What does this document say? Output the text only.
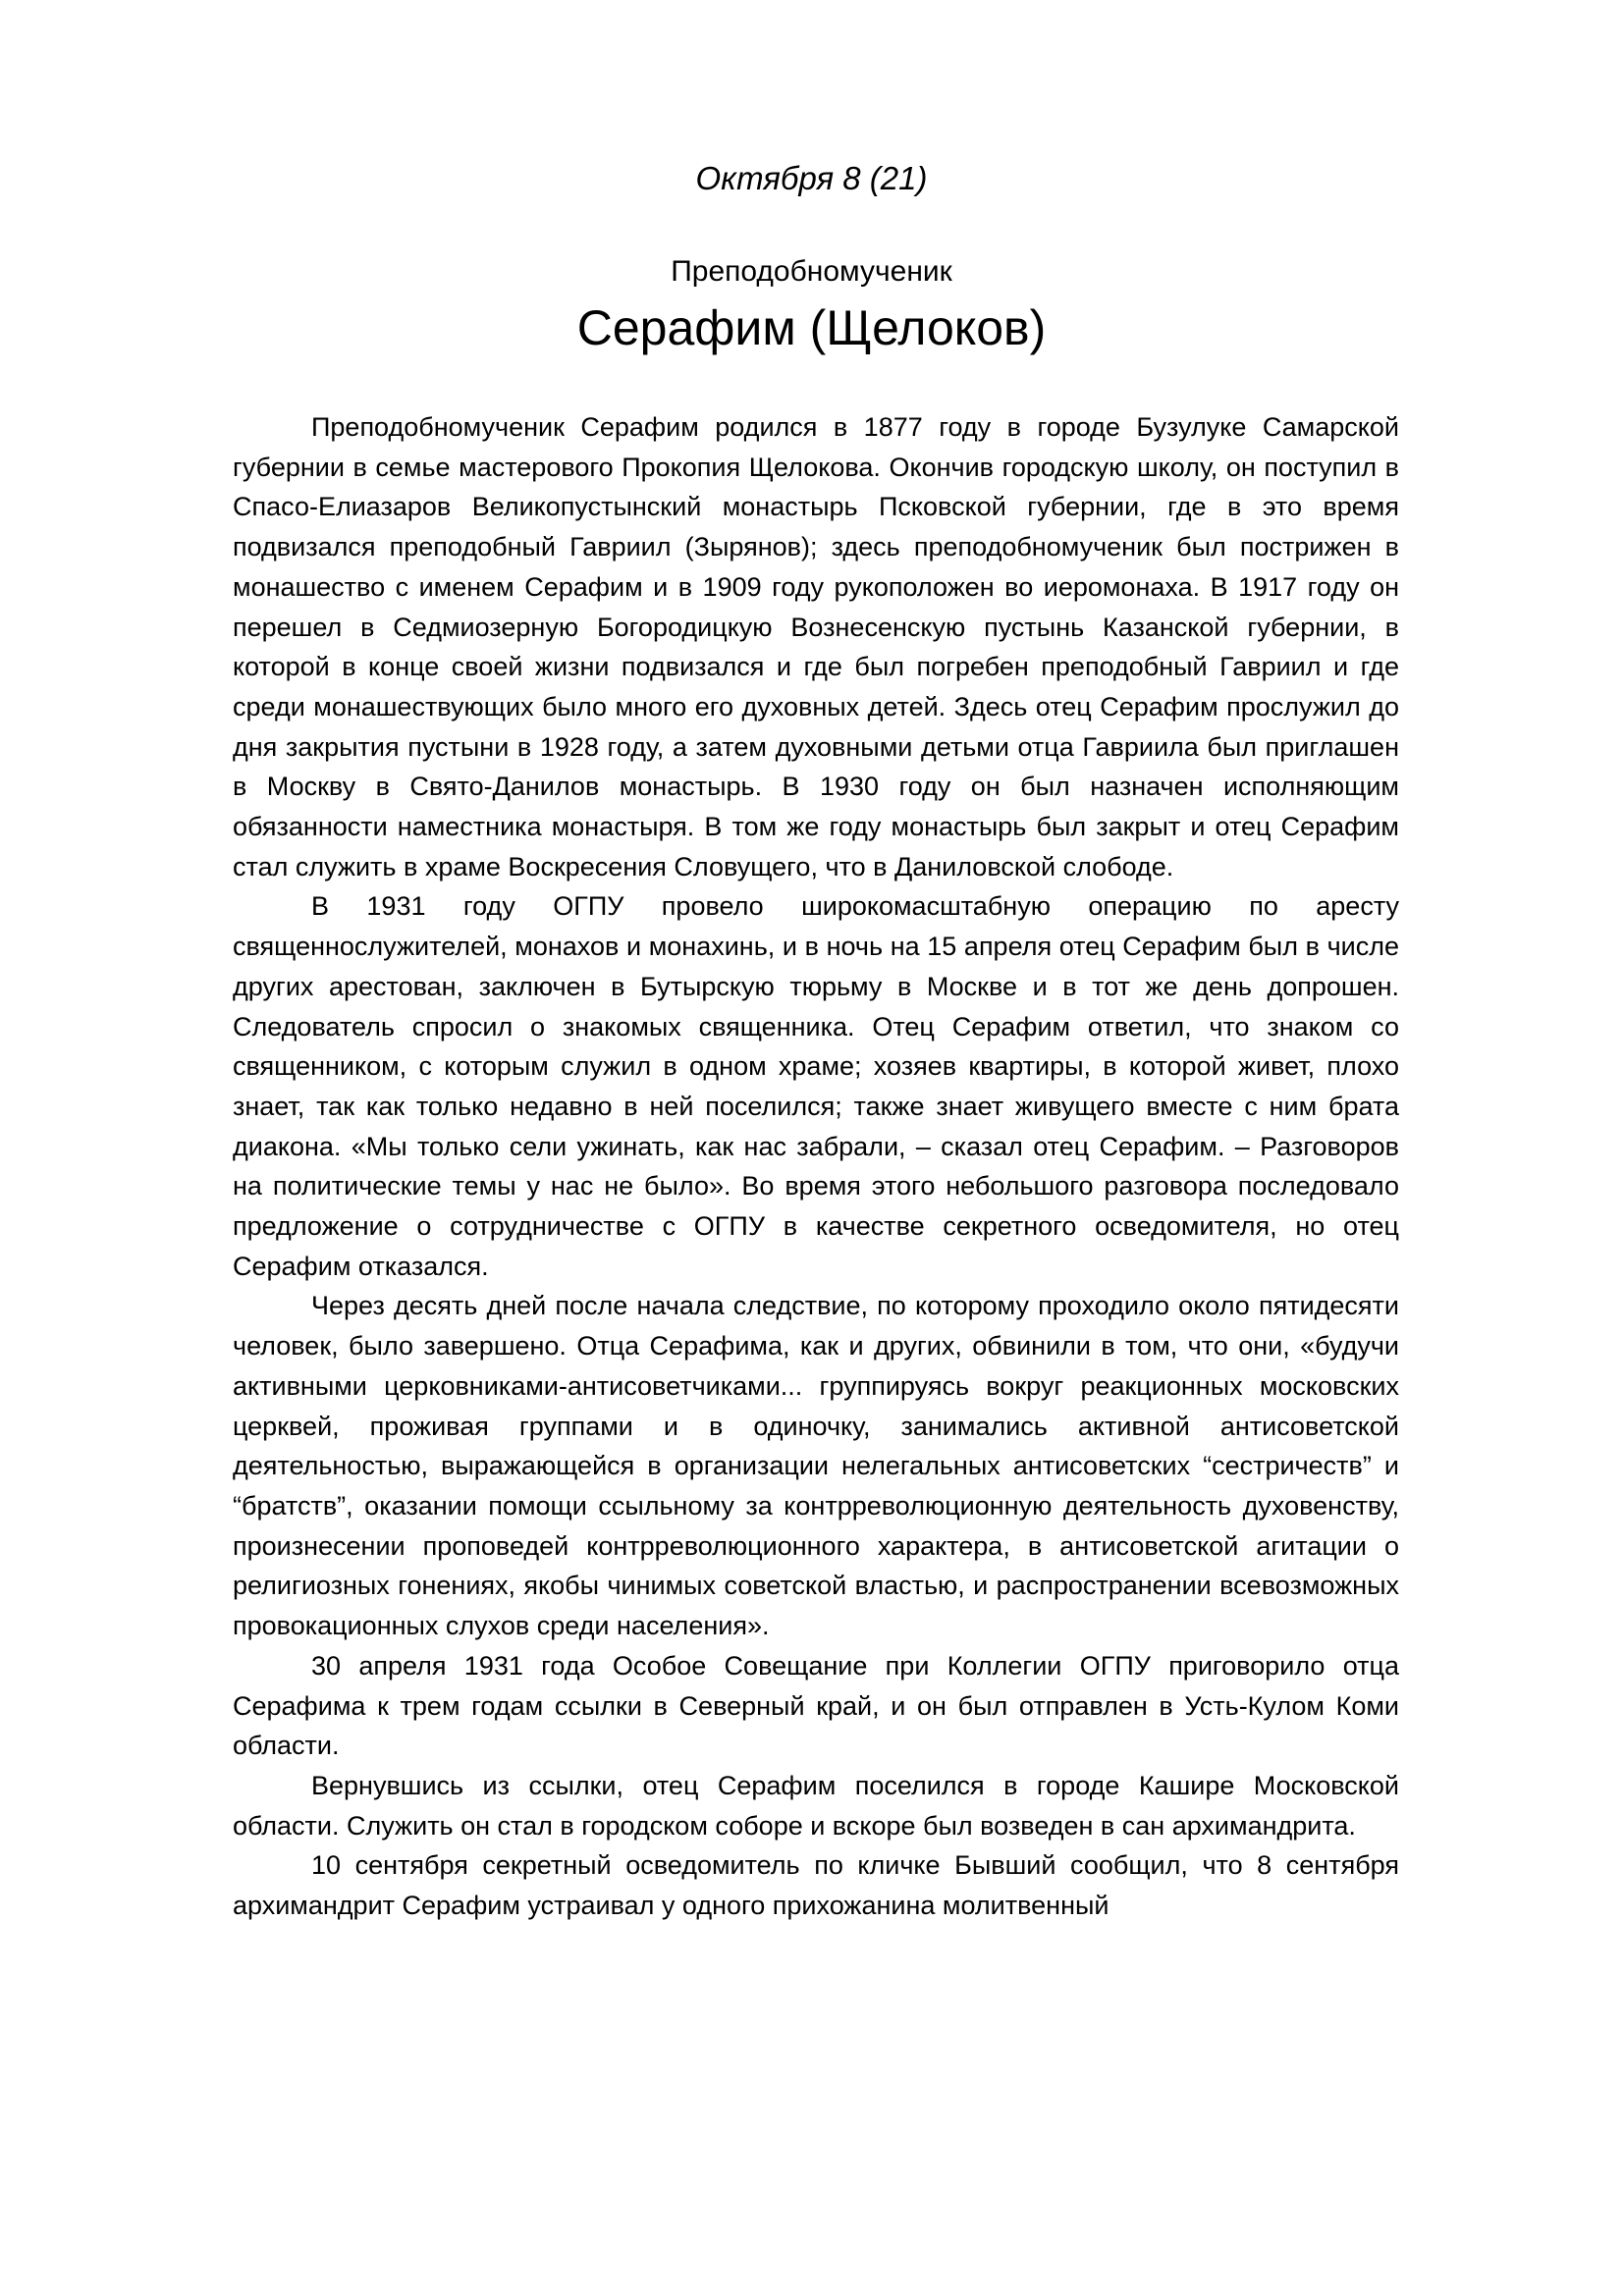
Октября 8 (21)
Преподобномученик
Серафим (Щелоков)

Преподобномученик Серафим родился в 1877 году в городе Бузулуке Самарской губернии в семье мастерового Прокопия Щелокова. Окончив городскую школу, он поступил в Спасо-Елиазаров Великопустынский монастырь Псковской губернии, где в это время подвизался преподобный Гавриил (Зырянов); здесь преподобномученик был пострижен в монашество с именем Серафим и в 1909 году рукоположен во иеромонаха. В 1917 году он перешел в Седмиозерную Богородицкую Вознесенскую пустынь Казанской губернии, в которой в конце своей жизни подвизался и где был погребен преподобный Гавриил и где среди монашествующих было много его духовных детей. Здесь отец Серафим прослужил до дня закрытия пустыни в 1928 году, а затем духовными детьми отца Гавриила был приглашен в Москву в Свято-Данилов монастырь. В 1930 году он был назначен исполняющим обязанности наместника монастыря. В том же году монастырь был закрыт и отец Серафим стал служить в храме Воскресения Словущего, что в Даниловской слободе.

В 1931 году ОГПУ провело широкомасштабную операцию по аресту священнослужителей, монахов и монахинь, и в ночь на 15 апреля отец Серафим был в числе других арестован, заключен в Бутырскую тюрьму в Москве и в тот же день допрошен. Следователь спросил о знакомых священника. Отец Серафим ответил, что знаком со священником, с которым служил в одном храме; хозяев квартиры, в которой живет, плохо знает, так как только недавно в ней поселился; также знает живущего вместе с ним брата диакона. «Мы только сели ужинать, как нас забрали, – сказал отец Серафим. – Разговоров на политические темы у нас не было». Во время этого небольшого разговора последовало предложение о сотрудничестве с ОГПУ в качестве секретного осведомителя, но отец Серафим отказался.

Через десять дней после начала следствие, по которому проходило около пятидесяти человек, было завершено. Отца Серафима, как и других, обвинили в том, что они, «будучи активными церковниками-антисоветчиками... группируясь вокруг реакционных московских церквей, проживая группами и в одиночку, занимались активной антисоветской деятельностью, выражающейся в организации нелегальных антисоветских “сестричеств” и “братств”, оказании помощи ссыльному за контрреволюционную деятельность духовенству, произнесении проповедей контрреволюционного характера, в антисоветской агитации о религиозных гонениях, якобы чинимых советской властью, и распространении всевозможных провокационных слухов среди населения».

30 апреля 1931 года Особое Совещание при Коллегии ОГПУ приговорило отца Серафима к трем годам ссылки в Северный край, и он был отправлен в Усть-Кулом Коми области.

Вернувшись из ссылки, отец Серафим поселился в городе Кашире Московской области. Служить он стал в городском соборе и вскоре был возведен в сан архимандрита.

10 сентября секретный осведомитель по кличке Бывший сообщил, что 8 сентября архимандрит Серафим устраивал у одного прихожанина молитвенный
